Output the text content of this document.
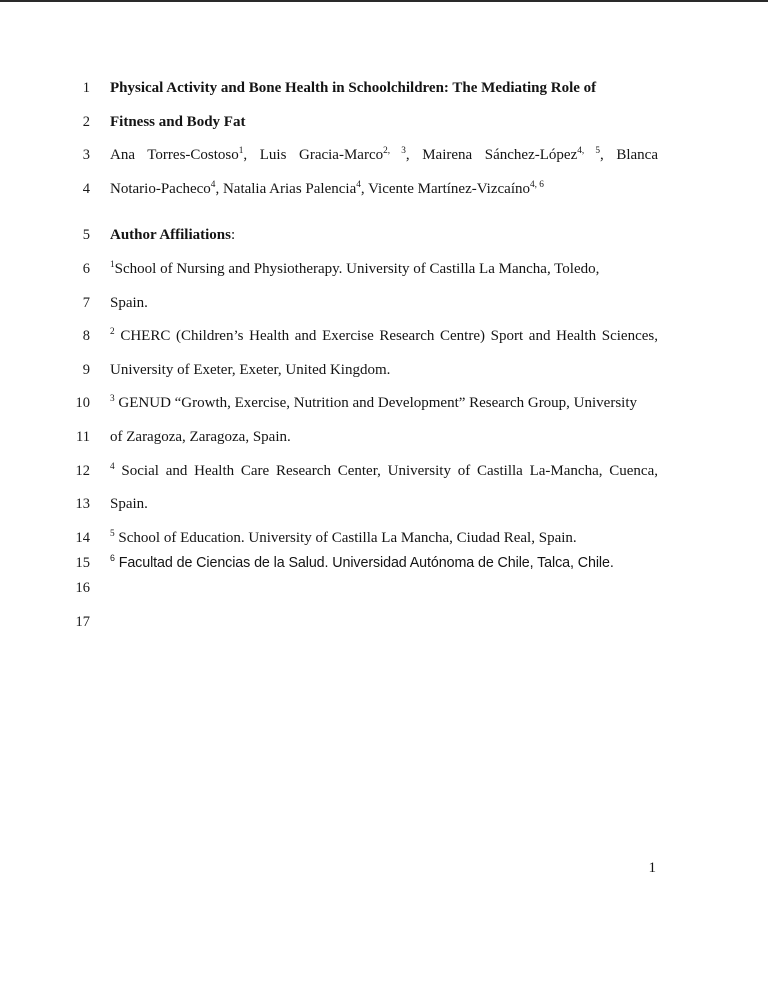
1 Physical Activity and Bone Health in Schoolchildren: The Mediating Role of
2 Fitness and Body Fat
3 Ana Torres-Costoso$^1$, Luis Gracia-Marco$^{2, 3}$, Mairena Sánchez-López$^{4, 5}$, Blanca
4 Notario-Pacheco$^4$, Natalia Arias Palencia$^4$, Vicente Martínez-Vizcaíno$^{4, 6}$
5 Author Affiliations:
6 $^1$School of Nursing and Physiotherapy. University of Castilla La Mancha, Toledo,
7 Spain.
8 $^2$ CHERC (Children’s Health and Exercise Research Centre) Sport and Health Sciences,
9 University of Exeter, Exeter, United Kingdom.
10 $^3$ GENUD “Growth, Exercise, Nutrition and Development” Research Group, University
11 of Zaragoza, Zaragoza, Spain.
12 $^4$ Social and Health Care Research Center, University of Castilla La-Mancha, Cuenca,
13 Spain.
14 $^5$ School of Education. University of Castilla La Mancha, Ciudad Real, Spain.
15 $^6$ Facultad de Ciencias de la Salud. Universidad Autónoma de Chile, Talca, Chile.
16
17
1
